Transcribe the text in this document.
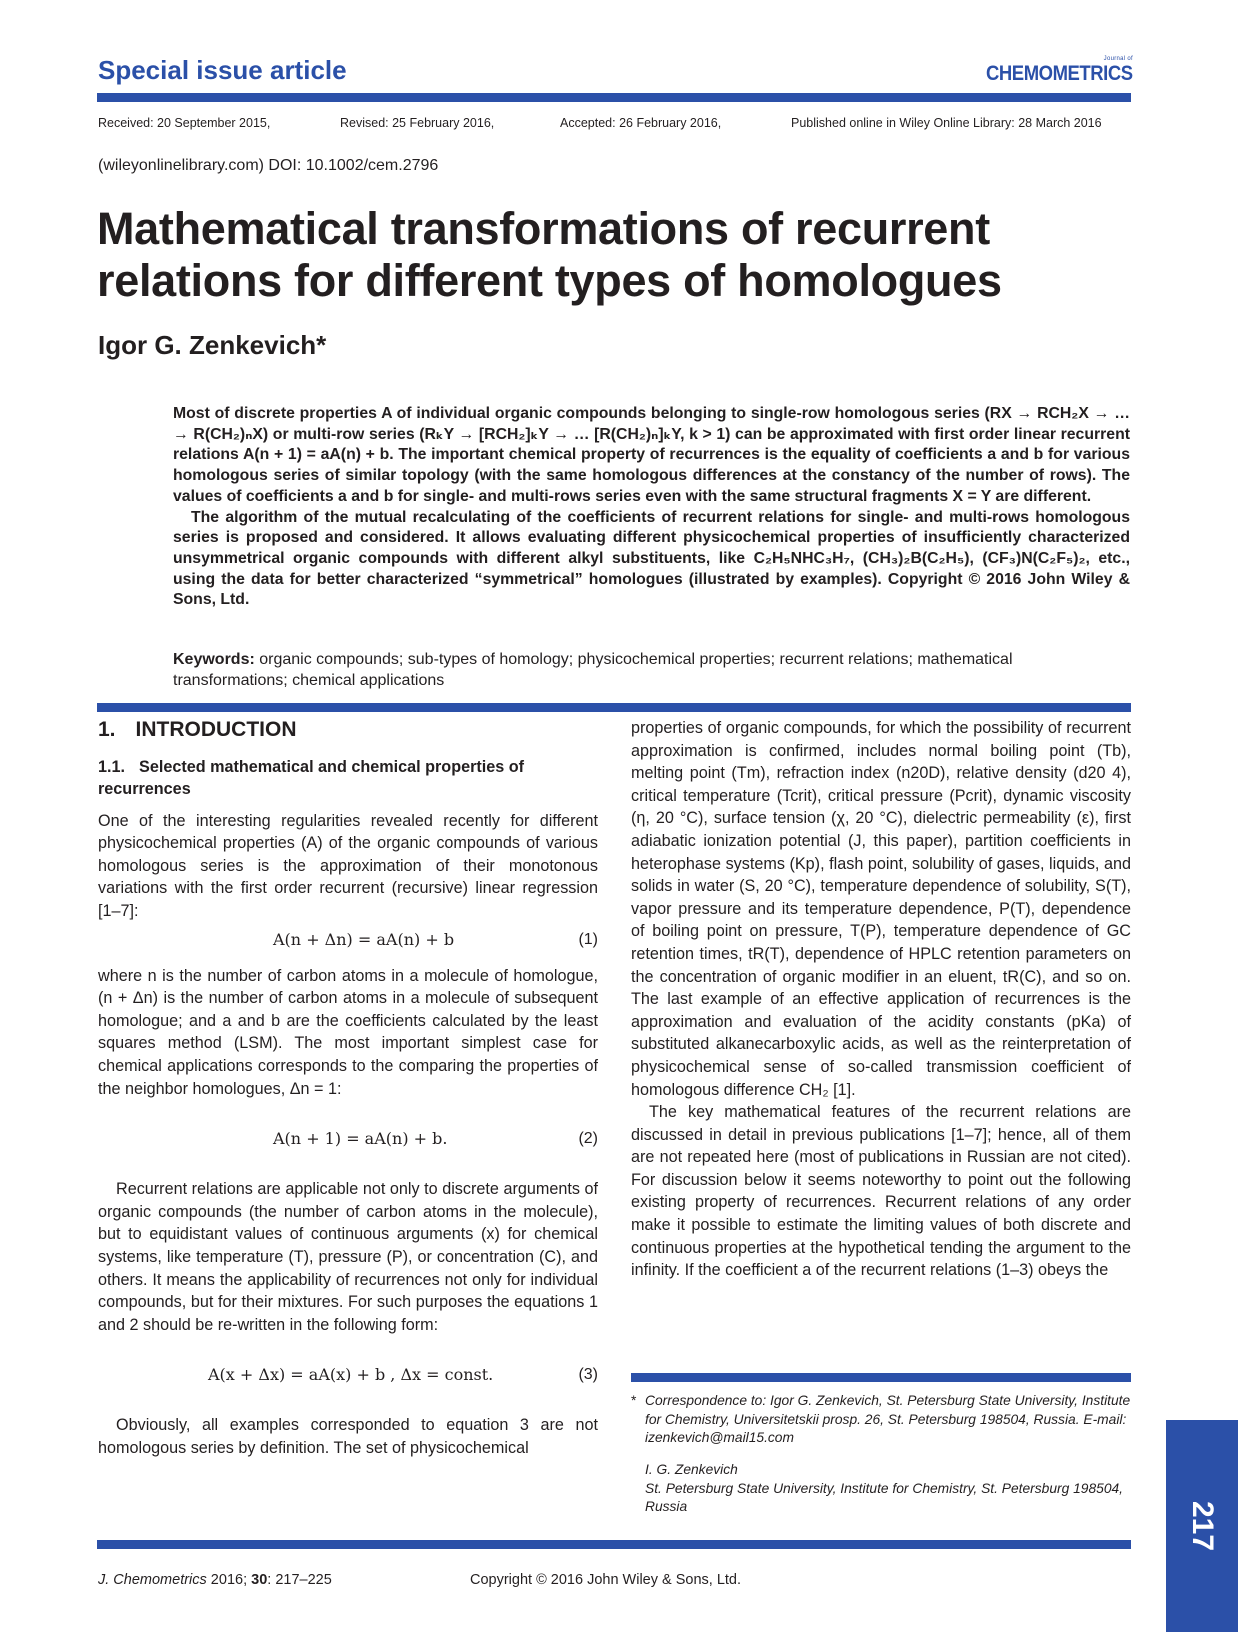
Special issue article	Journal of
CHEMOMETRICS
Received: 20 September 2015,	Revised: 25 February 2016,	Accepted: 26 February 2016,	Published online in Wiley Online Library: 28 March 2016
(wileyonlinelibrary.com) DOI: 10.1002/cem.2796
Mathematical transformations of recurrent relations for different types of homologues
Igor G. Zenkevich*

Most of discrete properties A of individual organic compounds belonging to single-row homologous series (RX → RCH₂X → … → R(CH₂)ₙX) or multi-row series (RₖY → [RCH₂]ₖY → … [R(CH₂)ₙ]ₖY, k > 1) can be approximated with first order linear recurrent relations A(n + 1) = aA(n) + b. The important chemical property of recurrences is the equality of coefficients a and b for various homologous series of similar topology (with the same homologous differences at the constancy of the number of rows). The values of coefficients a and b for single- and multi-rows series even with the same structural fragments X = Y are different.

The algorithm of the mutual recalculating of the coefficients of recurrent relations for single- and multi-rows homologous series is proposed and considered. It allows evaluating different physicochemical properties of insufficiently characterized unsymmetrical organic compounds with different alkyl substituents, like C₂H₅NHC₃H₇, (CH₃)₂B(C₂H₅), (CF₃)N(C₂F₅)₂, etc., using the data for better characterized “symmetrical” homologues (illustrated by examples). Copyright © 2016 John Wiley & Sons, Ltd.

Keywords: organic compounds; sub-types of homology; physicochemical properties; recurrent relations; mathematical transformations; chemical applications
1. INTRODUCTION
1.1. Selected mathematical and chemical properties of recurrences

One of the interesting regularities revealed recently for different physicochemical properties (A) of the organic compounds of various homologous series is the approximation of their monotonous variations with the first order recurrent (recursive) linear regression [1–7]:

A(n + Δn) = aA(n) + b	(1)

where n is the number of carbon atoms in a molecule of homologue, (n + Δn) is the number of carbon atoms in a molecule of subsequent homologue; and a and b are the coefficients calculated by the least squares method (LSM). The most important simplest case for chemical applications corresponds to the comparing the properties of the neighbor homologues, Δn = 1:

A(n + 1) = aA(n) + b.	(2)

Recurrent relations are applicable not only to discrete arguments of organic compounds (the number of carbon atoms in the molecule), but to equidistant values of continuous arguments (x) for chemical systems, like temperature (T), pressure (P), or concentration (C), and others. It means the applicability of recurrences not only for individual compounds, but for their mixtures. For such purposes the equations 1 and 2 should be re-written in the following form:

A(x + Δx) = aA(x) + b , Δx = const.	(3)

Obviously, all examples corresponded to equation 3 are not homologous series by definition. The set of physicochemical

properties of organic compounds, for which the possibility of recurrent approximation is confirmed, includes normal boiling point (Tb), melting point (Tm), refraction index (n20D), relative density (d20 4), critical temperature (Tcrit), critical pressure (Pcrit), dynamic viscosity (η, 20 °C), surface tension (χ, 20 °C), dielectric permeability (ε), first adiabatic ionization potential (J, this paper), partition coefficients in heterophase systems (Kp), flash point, solubility of gases, liquids, and solids in water (S, 20 °C), temperature dependence of solubility, S(T), vapor pressure and its temperature dependence, P(T), dependence of boiling point on pressure, T(P), temperature dependence of GC retention times, tR(T), dependence of HPLC retention parameters on the concentration of organic modifier in an eluent, tR(C), and so on. The last example of an effective application of recurrences is the approximation and evaluation of the acidity constants (pKa) of substituted alkanecarboxylic acids, as well as the reinterpretation of physicochemical sense of so-called transmission coefficient of homologous difference CH₂ [1].

The key mathematical features of the recurrent relations are discussed in detail in previous publications [1–7]; hence, all of them are not repeated here (most of publications in Russian are not cited). For discussion below it seems noteworthy to point out the following existing property of recurrences. Recurrent relations of any order make it possible to estimate the limiting values of both discrete and continuous properties at the hypothetical tending the argument to the infinity. If the coefficient a of the recurrent relations (1–3) obeys the

* Correspondence to: Igor G. Zenkevich, St. Petersburg State University, Institute for Chemistry, Universitetskii prosp. 26, St. Petersburg 198504, Russia. E-mail: izenkevich@mail15.com
I. G. Zenkevich
St. Petersburg State University, Institute for Chemistry, St. Petersburg 198504, Russia
J. Chemometrics 2016; 30: 217–225	Copyright © 2016 John Wiley & Sons, Ltd.
217
